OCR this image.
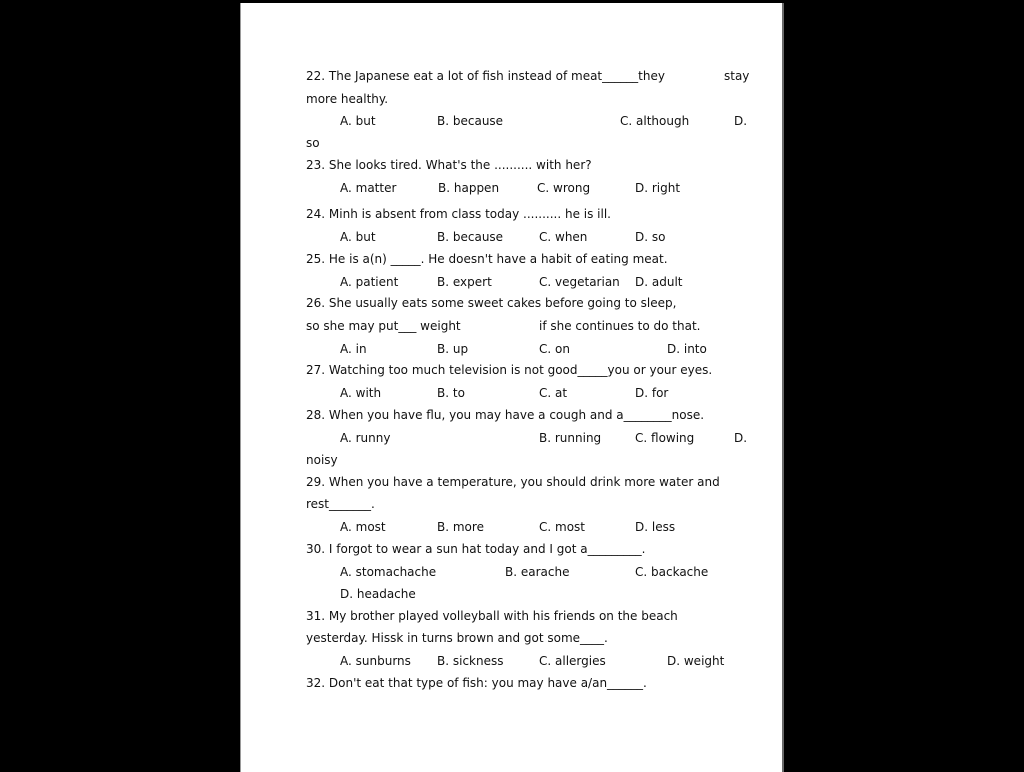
22. The Japanese eat a lot of fish instead of meat______they	stay
more healthy.
A. but	B. because	C. although	D.
so
23. She looks tired. What's the .......... with her?
A. matter	B. happen	C. wrong	D. right
24. Minh is absent from class today .......... he is ill.
A. but	B. because	C. when	D. so
25. He is a(n) _____. He doesn't have a habit of eating meat.
A. patient	B. expert	C. vegetarian D. adult
26. She usually eats some sweet cakes before going to sleep,
so she may put___ weight	if she continues to do that.
A. in	B. up	C. on	D. into
27. Watching too much television is not good_____you or your eyes.
A. with	B. to	C. at	D. for
28. When you have flu, you may have a cough and a________nose.
A. runny	B. running	C. flowing	D.
noisy
29. When you have a temperature, you should drink more water and
rest_______.
A. most	B. more	C. most	D. less
30. I forgot to wear a sun hat today and I got a_________.
A. stomachache	B. earache	C. backache
D. headache
31. My brother played volleyball with his friends on the beach
yesterday. Hissk in turns brown and got some____.
A. sunburns B. sickness	C. allergies	D. weight
32. Don't eat that type of fish: you may have a/an______.
